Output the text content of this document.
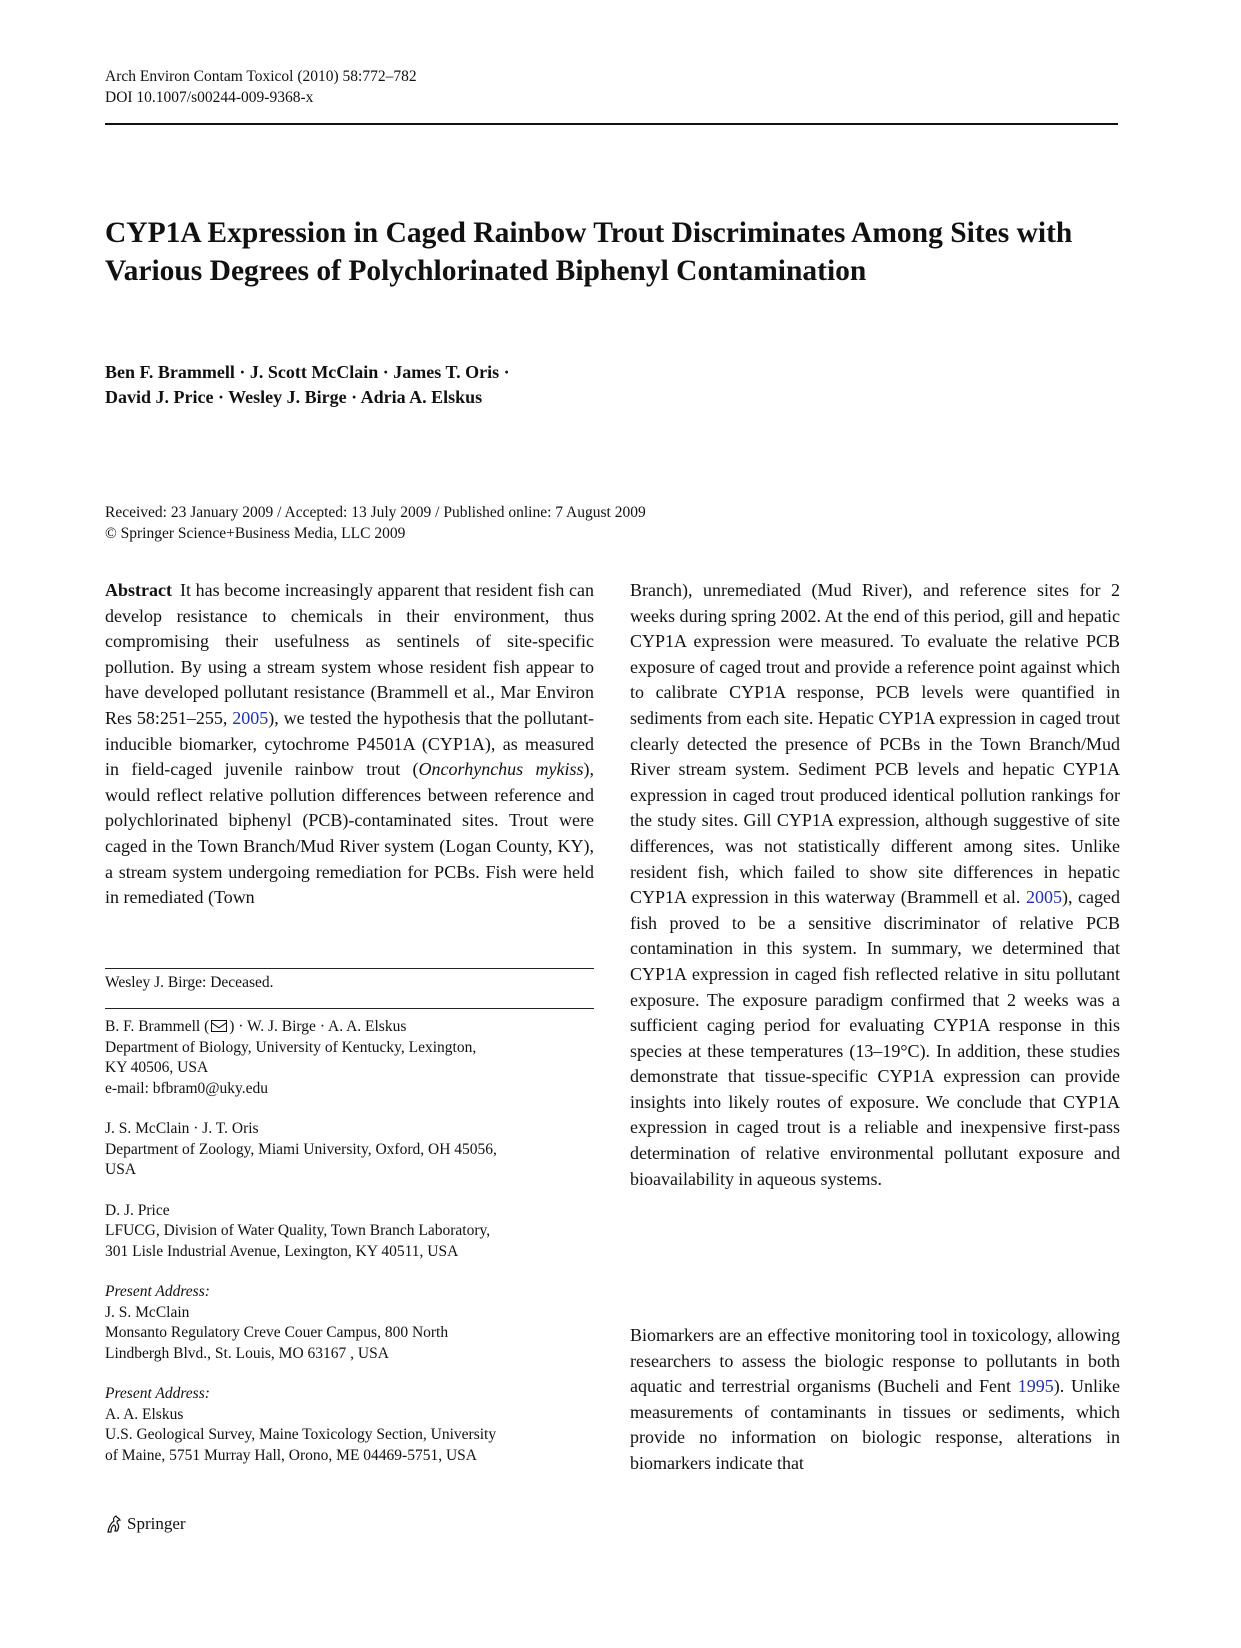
Arch Environ Contam Toxicol (2010) 58:772–782
DOI 10.1007/s00244-009-9368-x
CYP1A Expression in Caged Rainbow Trout Discriminates Among Sites with Various Degrees of Polychlorinated Biphenyl Contamination
Ben F. Brammell · J. Scott McClain · James T. Oris ·
David J. Price · Wesley J. Birge · Adria A. Elskus
Received: 23 January 2009 / Accepted: 13 July 2009 / Published online: 7 August 2009
© Springer Science+Business Media, LLC 2009
Abstract It has become increasingly apparent that resident fish can develop resistance to chemicals in their environment, thus compromising their usefulness as sentinels of site-specific pollution. By using a stream system whose resident fish appear to have developed pollutant resistance (Brammell et al., Mar Environ Res 58:251–255, 2005), we tested the hypothesis that the pollutant-inducible biomarker, cytochrome P4501A (CYP1A), as measured in field-caged juvenile rainbow trout (Oncorhynchus mykiss), would reflect relative pollution differences between reference and polychlorinated biphenyl (PCB)-contaminated sites. Trout were caged in the Town Branch/Mud River system (Logan County, KY), a stream system undergoing remediation for PCBs. Fish were held in remediated (Town
Branch), unremediated (Mud River), and reference sites for 2 weeks during spring 2002. At the end of this period, gill and hepatic CYP1A expression were measured. To evaluate the relative PCB exposure of caged trout and provide a reference point against which to calibrate CYP1A response, PCB levels were quantified in sediments from each site. Hepatic CYP1A expression in caged trout clearly detected the presence of PCBs in the Town Branch/Mud River stream system. Sediment PCB levels and hepatic CYP1A expression in caged trout produced identical pollution rankings for the study sites. Gill CYP1A expression, although suggestive of site differences, was not statistically different among sites. Unlike resident fish, which failed to show site differences in hepatic CYP1A expression in this waterway (Brammell et al. 2005), caged fish proved to be a sensitive discriminator of relative PCB contamination in this system. In summary, we determined that CYP1A expression in caged fish reflected relative in situ pollutant exposure. The exposure paradigm confirmed that 2 weeks was a sufficient caging period for evaluating CYP1A response in this species at these temperatures (13–19°C). In addition, these studies demonstrate that tissue-specific CYP1A expression can provide insights into likely routes of exposure. We conclude that CYP1A expression in caged trout is a reliable and inexpensive first-pass determination of relative environmental pollutant exposure and bioavailability in aqueous systems.
Biomarkers are an effective monitoring tool in toxicology, allowing researchers to assess the biologic response to pollutants in both aquatic and terrestrial organisms (Bucheli and Fent 1995). Unlike measurements of contaminants in tissues or sediments, which provide no information on biologic response, alterations in biomarkers indicate that
Wesley J. Birge: Deceased.

B. F. Brammell ( ) · W. J. Birge · A. A. Elskus
Department of Biology, University of Kentucky, Lexington,
KY 40506, USA
e-mail: bfbram0@uky.edu

J. S. McClain · J. T. Oris
Department of Zoology, Miami University, Oxford, OH 45056,
USA

D. J. Price
LFUCG, Division of Water Quality, Town Branch Laboratory,
301 Lisle Industrial Avenue, Lexington, KY 40511, USA

Present Address:
J. S. McClain
Monsanto Regulatory Creve Couer Campus, 800 North
Lindbergh Blvd., St. Louis, MO 63167 , USA

Present Address:
A. A. Elskus
U.S. Geological Survey, Maine Toxicology Section, University
of Maine, 5751 Murray Hall, Orono, ME 04469-5751, USA

Springer
